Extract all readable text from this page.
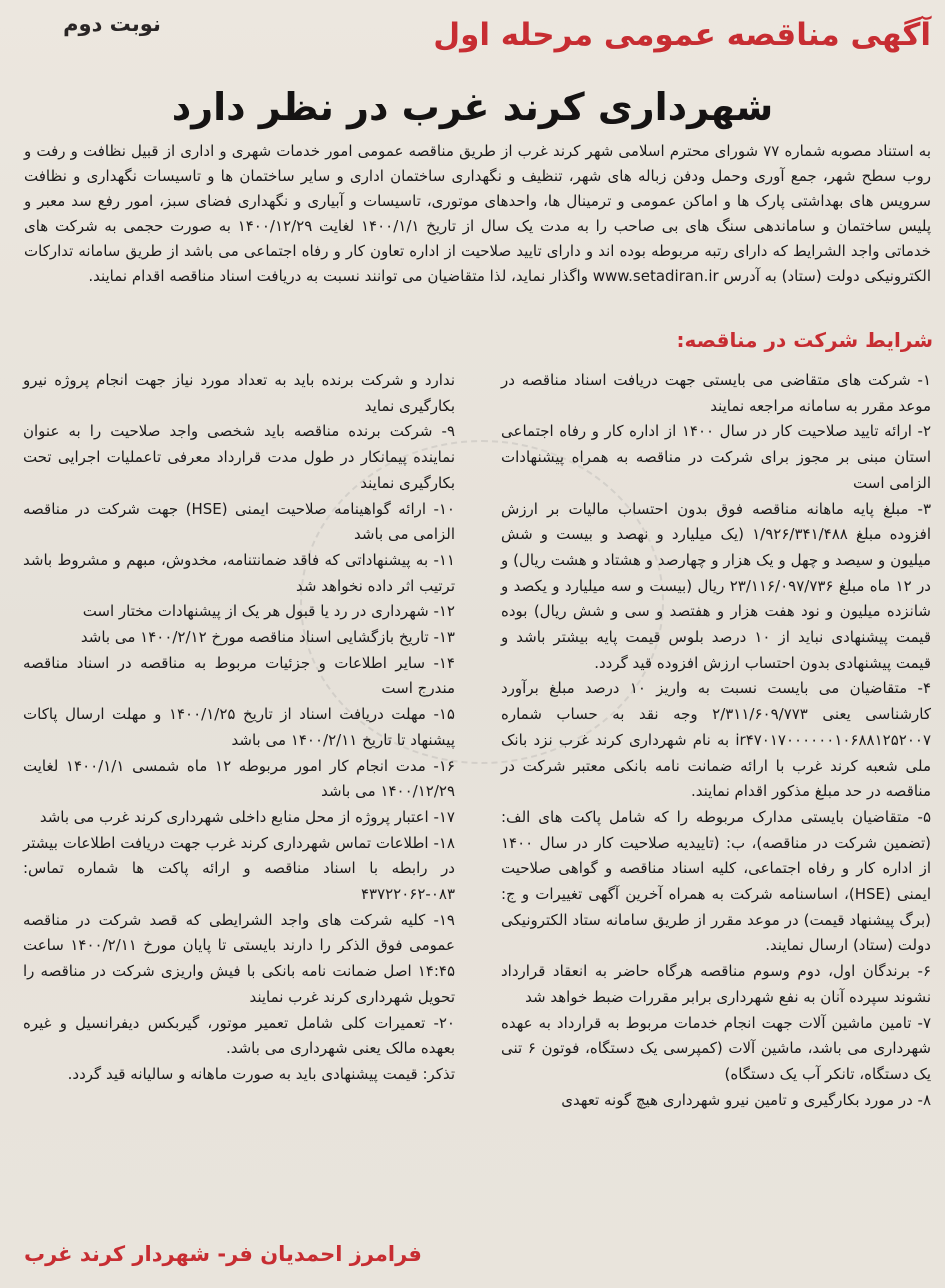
نوبت دوم	آگهی مناقصه عمومی مرحله اول
شهرداری کرند غرب در نظر دارد

به استناد مصوبه شماره ۷۷ شورای محترم اسلامی شهر کرند غرب از طریق مناقصه عمومی امور خدمات شهری و اداری از قبیل نظافت و رفت و روب سطح شهر، جمع آوری وحمل ودفن زباله های شهر، تنظیف و نگهداری ساختمان اداری و سایر ساختمان ها و تاسیسات نگهداری و نظافت سرویس های بهداشتی پارک ها و اماکن عمومی و ترمینال ها، واحدهای موتوری، تاسیسات و آبیاری و نگهداری فضای سبز، امور رفع سد معبر و پلیس ساختمان و ساماندهی سنگ های بی صاحب را به مدت یک سال از تاریخ ۱۴۰۰/۱/۱ لغایت ۱۴۰۰/۱۲/۲۹ به صورت حجمی به شرکت های خدماتی واجد الشرایط که دارای رتبه مربوطه بوده اند و دارای تایید صلاحیت از اداره تعاون کار و رفاه اجتماعی می باشد از طریق سامانه تدارکات الکترونیکی دولت (ستاد) به آدرس www.setadiran.ir واگذار نماید، لذا متقاضیان می توانند نسبت به دریافت اسناد مناقصه اقدام نمایند.

شرایط شرکت در مناقصه:

۱- شرکت های متقاضی می بایستی جهت دریافت اسناد مناقصه در موعد مقرر به سامانه مراجعه نمایند

۲- ارائه تایید صلاحیت کار در سال ۱۴۰۰ از اداره کار و رفاه اجتماعی استان مبنی بر مجوز برای شرکت در مناقصه به همراه پیشنهادات الزامی است

۳- مبلغ پایه ماهانه مناقصه فوق بدون احتساب مالیات بر ارزش افزوده مبلغ ۱/۹۲۶/۳۴۱/۴۸۸ (یک میلیارد و نهصد و بیست و شش میلیون و سیصد و چهل و یک هزار و چهارصد و هشتاد و هشت ریال) و در ۱۲ ماه مبلغ ۲۳/۱۱۶/۰۹۷/۷۳۶ ریال (بیست و سه میلیارد و یکصد و شانزده میلیون و نود هفت هزار و هفتصد و سی و شش ریال) بوده قیمت پیشنهادی نباید از ۱۰ درصد بلوس قیمت پایه بیشتر باشد و قیمت پیشنهادی بدون احتساب ارزش افزوده قید گردد.

۴- متقاضیان می بایست نسبت به واریز ۱۰ درصد مبلغ برآورد کارشناسی یعنی ۲/۳۱۱/۶۰۹/۷۷۳ وجه نقد به حساب شماره ir۴۷۰۱۷۰۰۰۰۰۰۱۰۶۸۸۱۲۵۲۰۰۷ به نام شهرداری کرند غرب نزد بانک ملی شعبه کرند غرب با ارائه ضمانت نامه بانکی معتبر شرکت در مناقصه در حد مبلغ مذکور اقدام نمایند.

۵- متقاضیان بایستی مدارک مربوطه را که شامل پاکت های الف: (تضمین شرکت در مناقصه)، ب: (تاییدیه صلاحیت کار در سال ۱۴۰۰ از اداره کار و رفاه اجتماعی، کلیه اسناد مناقصه و گواهی صلاحیت ایمنی (HSE)، اساسنامه شرکت به همراه آخرین آگهی تغییرات و ج: (برگ پیشنهاد قیمت) در موعد مقرر از طریق سامانه ستاد الکترونیکی دولت (ستاد) ارسال نمایند.

۶- برندگان اول، دوم وسوم مناقصه هرگاه حاضر به انعقاد قرارداد نشوند سپرده آنان به نفع شهرداری برابر مقررات ضبط خواهد شد

۷- تامین ماشین آلات جهت انجام خدمات مربوط به قرارداد به عهده شهرداری می باشد، ماشین آلات (کمپرسی یک دستگاه، فوتون ۶ تنی یک دستگاه، تانکر آب یک دستگاه)

۸- در مورد بکارگیری و تامین نیرو شهرداری هیچ گونه تعهدی

ندارد و شرکت برنده باید به تعداد مورد نیاز جهت انجام پروژه نیرو بکارگیری نماید

۹- شرکت برنده مناقصه باید شخصی واجد صلاحیت را به عنوان نماینده پیمانکار در طول مدت قرارداد معرفی تاعملیات اجرایی تحت بکارگیری نمایند

۱۰- ارائه گواهینامه صلاحیت ایمنی (HSE) جهت شرکت در مناقصه الزامی می باشد

۱۱- به پیشنهاداتی که فاقد ضمانتنامه، مخدوش، مبهم و مشروط باشد ترتیب اثر داده نخواهد شد

۱۲- شهرداری در رد یا قبول هر یک از پیشنهادات مختار است

۱۳- تاریخ بازگشایی اسناد مناقصه مورخ ۱۴۰۰/۲/۱۲ می باشد

۱۴- سایر اطلاعات و جزئیات مربوط به مناقصه در اسناد مناقصه مندرج است

۱۵- مهلت دریافت اسناد از تاریخ ۱۴۰۰/۱/۲۵ و مهلت ارسال پاکات پیشنهاد تا تاریخ ۱۴۰۰/۲/۱۱ می باشد

۱۶- مدت انجام کار امور مربوطه ۱۲ ماه شمسی ۱۴۰۰/۱/۱ لغایت ۱۴۰۰/۱۲/۲۹ می باشد

۱۷- اعتبار پروژه از محل منابع داخلی شهرداری کرند غرب می باشد

۱۸- اطلاعات تماس شهرداری کرند غرب جهت دریافت اطلاعات بیشتر در رابطه با اسناد مناقصه و ارائه پاکت ها شماره تماس: ۰۸۳-۴۳۷۲۲۰۶۲

۱۹- کلیه شرکت های واجد الشرایطی که قصد شرکت در مناقصه عمومی فوق الذکر را دارند بایستی تا پایان مورخ ۱۴۰۰/۲/۱۱ ساعت ۱۴:۴۵ اصل ضمانت نامه بانکی با فیش واریزی شرکت در مناقصه را تحویل شهرداری کرند غرب نمایند

۲۰- تعمیرات کلی شامل تعمیر موتور، گیربکس دیفرانسیل و غیره بعهده مالک یعنی شهرداری می باشد.

تذکر: قیمت پیشنهادی باید به صورت ماهانه و سالیانه قید گردد.

فرامرز احمدیان فر- شهردار کرند غرب
